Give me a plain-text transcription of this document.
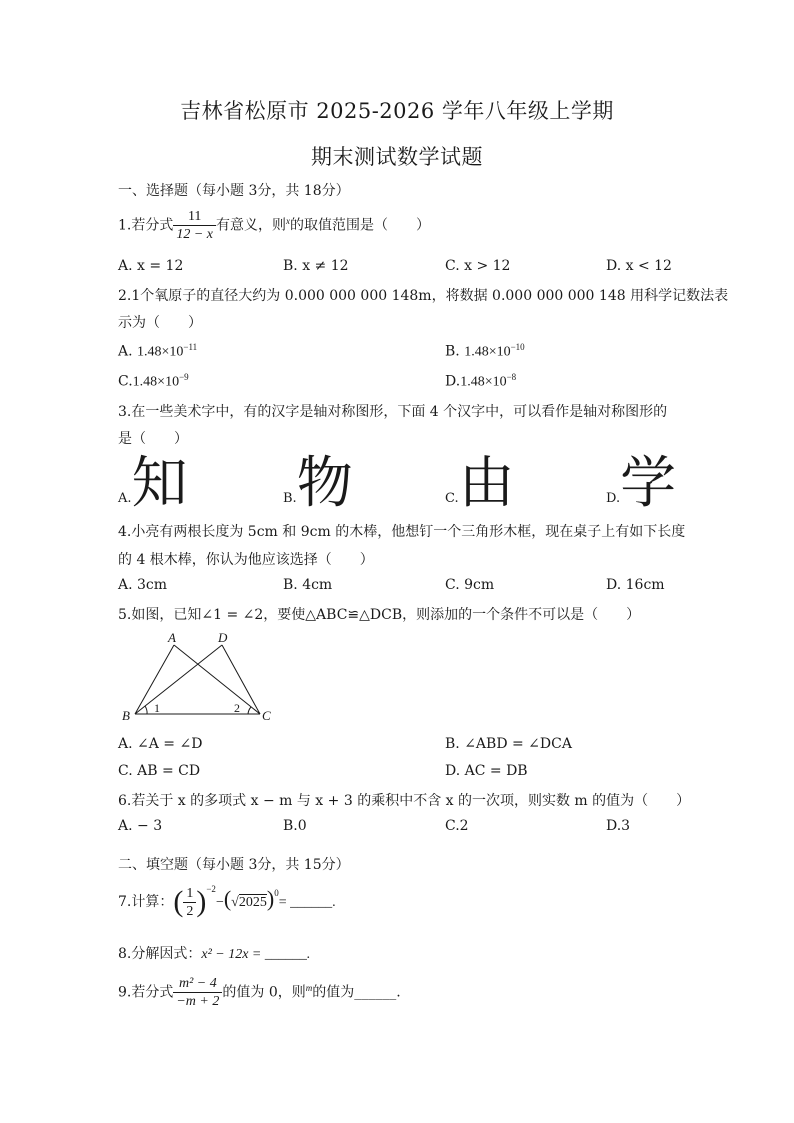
吉林省松原市 2025-2026 学年八年级上学期
期末测试数学试题
一、选择题（每小题 3分，共 18分）
1.若分式 $\frac{11}{12 - x}$ 有意义，则$^x$的取值范围是（　　）
A. x = 12	B. x ≠ 12	C. x > 12	D. x < 12
2.1个氧原子的直径大约为 0.000 000 000 148m，将数据 0.000 000 000 148 用科学记数法表
示为（　　）
A. $1.48\times 10^{-11}$	B. $1.48\times 10^{-10}$
$C.1.48\times 10^{-9}$	$D.1.48\times 10^{-8}$
3.在一些美术字中，有的汉字是轴对称图形，下面 4 个汉字中，可以看作是轴对称图形的
是（　　）
A.知	B.物	C.由	D.学
4.小亮有两根长度为 5cm 和 9cm 的木棒，他想钉一个三角形木框，现在桌子上有如下长度
的 4 根木棒，你认为他应该选择（　　）
A. 3cm	B. 4cm	C. 9cm	D. 16cm
5.如图，已知∠1 = ∠2，要使△ABC≌△DCB，则添加的一个条件不可以是（　　）
A	D
B	C
1	2
A. ∠A = ∠D	B. ∠ABD = ∠DCA
C. AB = CD	D. AC = DB
6.若关于 x 的多项式 x − m 与 x + 3 的乘积中不含 x 的一次项，则实数 m 的值为（　　）
A. − 3	B.0	C.2	D.3
二、填空题（每小题 3分，共 15分）
7.计算：( $\frac{1}{2} )^{-2}-(√2025)^0=$ ______.
8.分解因式：x² − 12x = ______.
9.若分式 $\frac{\text{m² − 4}}{-m + 2}$ 的值为 0，则$^m$的值为______.
